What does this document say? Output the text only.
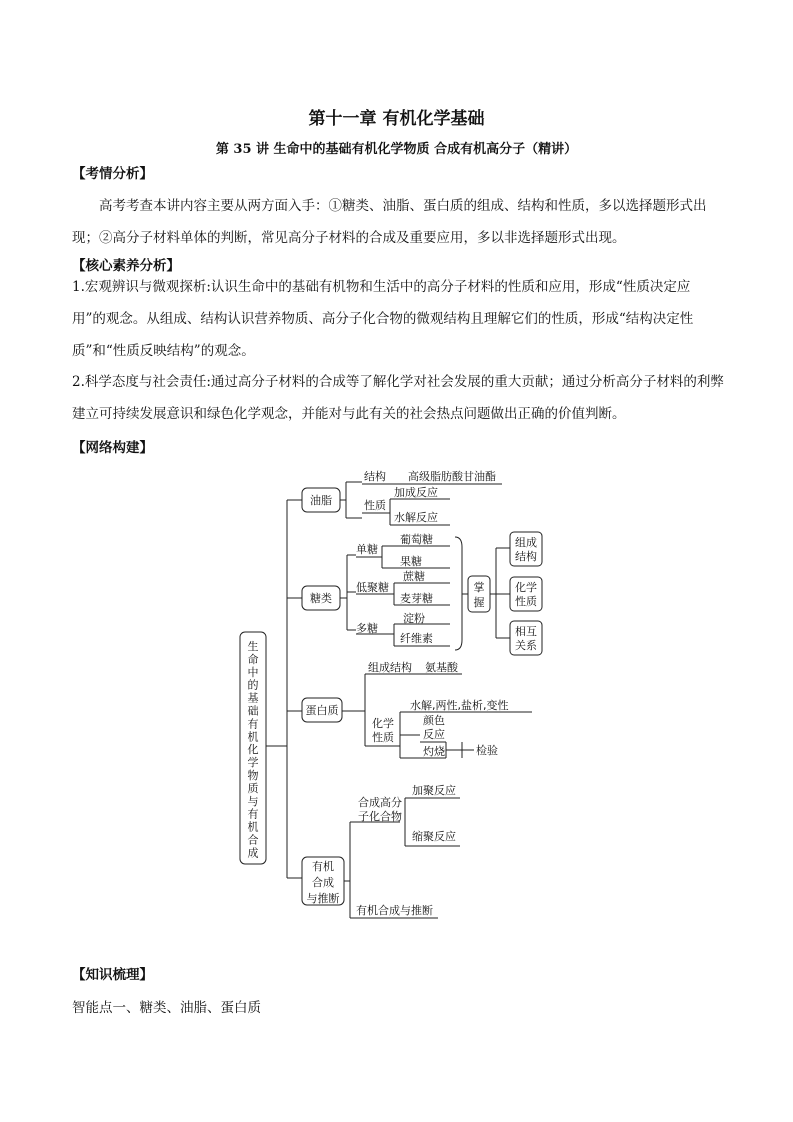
第十一章 有机化学基础
第 35 讲 生命中的基础有机化学物质 合成有机高分子（精讲）
【考情分析】
高考考查本讲内容主要从两方面入手：①糖类、油脂、蛋白质的组成、结构和性质，多以选择题形式出现；②高分子材料单体的判断，常见高分子材料的合成及重要应用，多以非选择题形式出现。
【核心素养分析】
1.宏观辨识与微观探析:认识生命中的基础有机物和生活中的高分子材料的性质和应用，形成“性质决定应用”的观念。从组成、结构认识营养物质、高分子化合物的微观结构且理解它们的性质，形成“结构决定性质”和“性质反映结构”的观念。
2.科学态度与社会责任:通过高分子材料的合成等了解化学对社会发展的重大贡献；通过分析高分子材料的利弊建立可持续发展意识和绿色化学观念，并能对与此有关的社会热点问题做出正确的价值判断。
【网络构建】
生
命
中
的
基
础
有
机
化
学
物
质
与
有
机
合
成
油脂
结构 高级脂肪酸甘油酯
性质
加成反应
水解反应
糖类
单糖
葡萄糖
果糖
低聚糖
蔗糖
麦芽糖
多糖
淀粉
纤维素
掌
握
组成
结构
化学
性质
相互
关系
蛋白质
组成结构 氨基酸
化学
性质
水解,两性,盐析,变性
颜色
反应
灼烧	检验
有机
合成
与推断
合成高分
子化合物
加聚反应
缩聚反应
有机合成与推断
【知识梳理】
智能点一、糖类、油脂、蛋白质
